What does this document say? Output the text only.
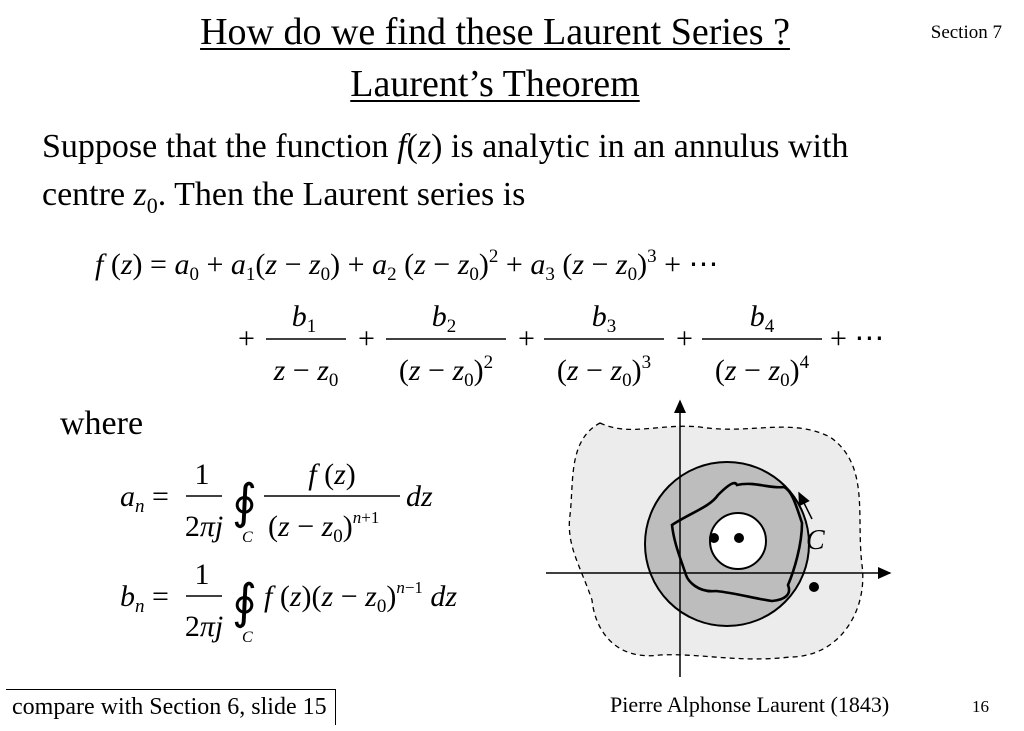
How do we find these Laurent Series ?
Laurent’s Theorem
Section 7
Suppose that the function f(z) is analytic in an annulus with
centre $z_0$. Then the Laurent series is
f $(z) = a_0 + a_1(z - z_0) + a_2$ $(z - z_0)^2 + a_3$ $(z - z_0)^3$ + ⋯
+
$b_1$
$z - z_0$
+
$b_2$
$(z - z_0)^2$
+
$b_3$
$(z - z_0)^3$
+
$b_4$
$(z - z_0)^4$
+ ⋯
where
$a_n$ =
1
2πj ∮
C
f (z)
$(z - z_0)^n+1$
dz
$b_n$ =
1
2πj ∮
C
f $(z)(z - z_0)^n-1$ dz
C
Pierre Alphonse Laurent (1843)	16
compare with Section 6, slide 15
